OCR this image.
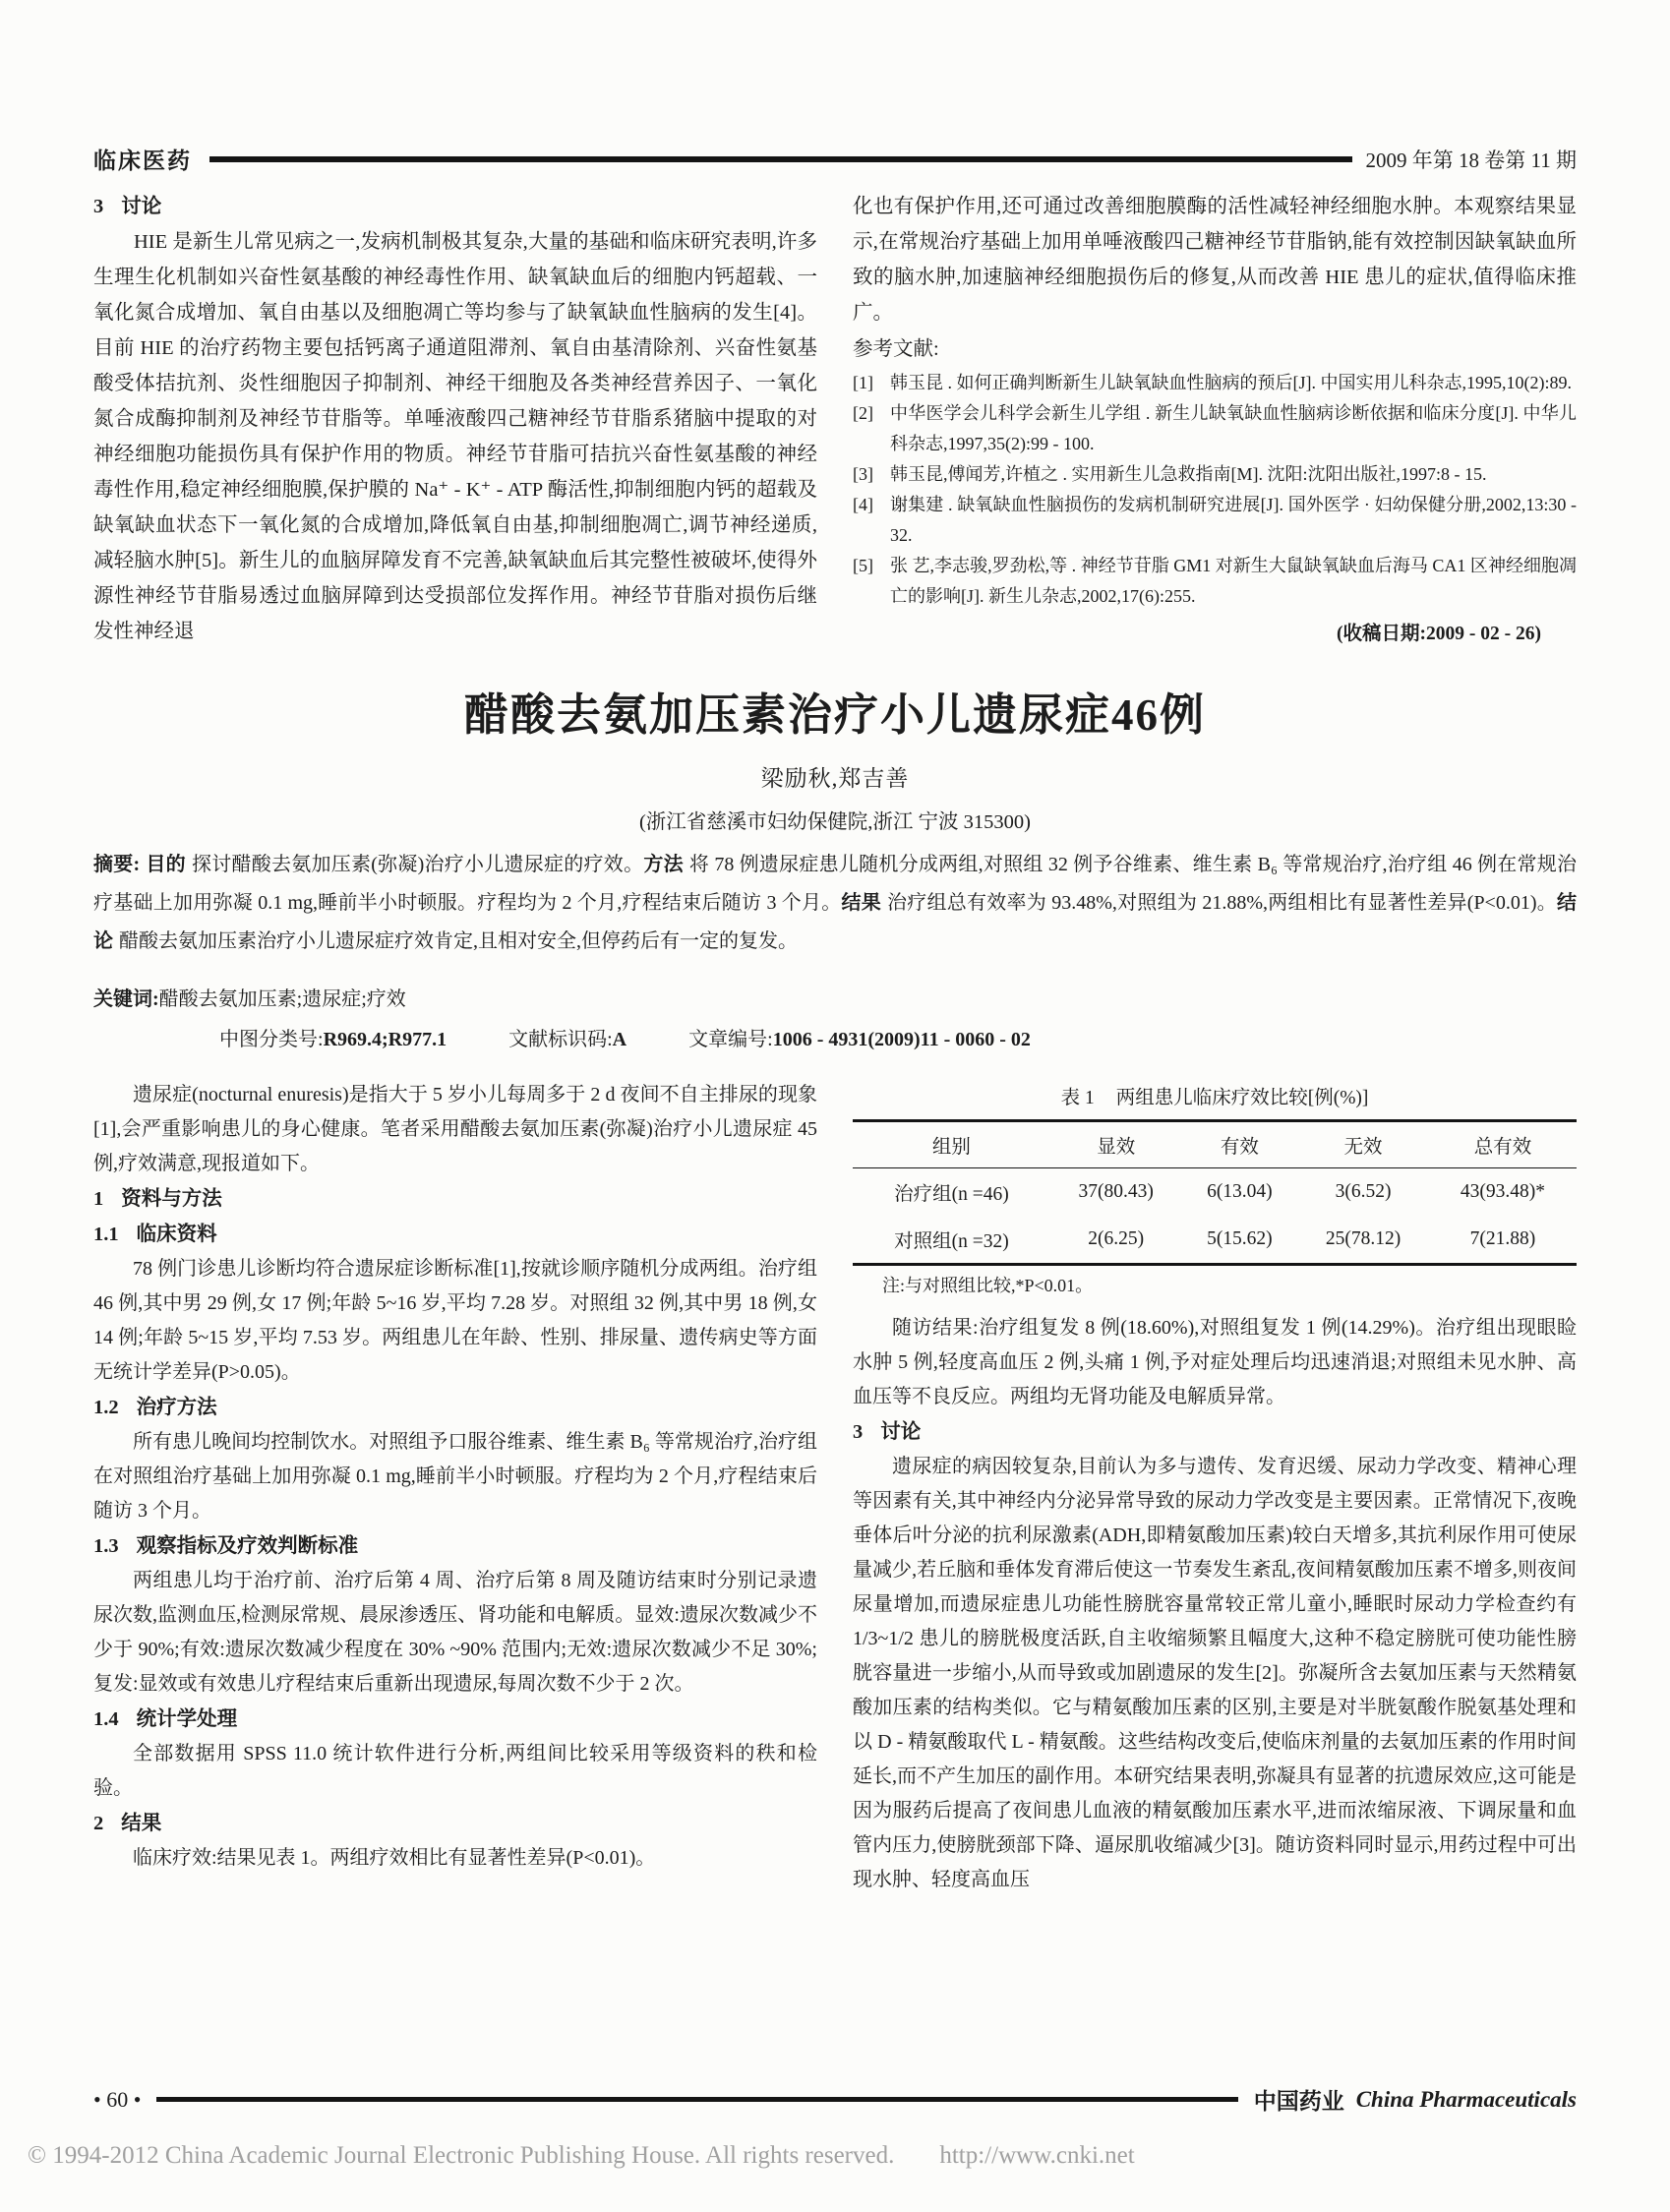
临床医药	2009 年第 18 卷第 11 期
3 讨论

HIE 是新生儿常见病之一,发病机制极其复杂,大量的基础和临床研究表明,许多生理生化机制如兴奋性氨基酸的神经毒性作用、缺氧缺血后的细胞内钙超载、一氧化氮合成增加、氧自由基以及细胞凋亡等均参与了缺氧缺血性脑病的发生[4]。目前 HIE 的治疗药物主要包括钙离子通道阻滞剂、氧自由基清除剂、兴奋性氨基酸受体拮抗剂、炎性细胞因子抑制剂、神经干细胞及各类神经营养因子、一氧化氮合成酶抑制剂及神经节苷脂等。单唾液酸四己糖神经节苷脂系猪脑中提取的对神经细胞功能损伤具有保护作用的物质。神经节苷脂可拮抗兴奋性氨基酸的神经毒性作用,稳定神经细胞膜,保护膜的 Na⁺ - K⁺ - ATP 酶活性,抑制细胞内钙的超载及缺氧缺血状态下一氧化氮的合成增加,降低氧自由基,抑制细胞凋亡,调节神经递质,减轻脑水肿[5]。新生儿的血脑屏障发育不完善,缺氧缺血后其完整性被破坏,使得外源性神经节苷脂易透过血脑屏障到达受损部位发挥作用。神经节苷脂对损伤后继发性神经退

化也有保护作用,还可通过改善细胞膜酶的活性减轻神经细胞水肿。本观察结果显示,在常规治疗基础上加用单唾液酸四己糖神经节苷脂钠,能有效控制因缺氧缺血所致的脑水肿,加速脑神经细胞损伤后的修复,从而改善 HIE 患儿的症状,值得临床推广。

参考文献:
[1] 韩玉昆 . 如何正确判断新生儿缺氧缺血性脑病的预后[J]. 中国实用儿科杂志,1995,10(2):89.
[2] 中华医学会儿科学会新生儿学组 . 新生儿缺氧缺血性脑病诊断依据和临床分度[J]. 中华儿科杂志,1997,35(2):99 - 100.
[3] 韩玉昆,傅闻芳,许植之 . 实用新生儿急救指南[M]. 沈阳:沈阳出版社,1997:8 - 15.
[4] 谢集建 . 缺氧缺血性脑损伤的发病机制研究进展[J]. 国外医学 · 妇幼保健分册,2002,13:30 - 32.
[5] 张 艺,李志骏,罗劲松,等 . 神经节苷脂 GM1 对新生大鼠缺氧缺血后海马 CA1 区神经细胞凋亡的影响[J]. 新生儿杂志,2002,17(6):255.
(收稿日期:2009 - 02 - 26)
醋酸去氨加压素治疗小儿遗尿症46例
梁励秋,郑吉善
(浙江省慈溪市妇幼保健院,浙江 宁波 315300)

摘要: 目的 探讨醋酸去氨加压素(弥凝)治疗小儿遗尿症的疗效。方法 将 78 例遗尿症患儿随机分成两组,对照组 32 例予谷维素、维生素 B₆ 等常规治疗,治疗组 46 例在常规治疗基础上加用弥凝 0.1 mg,睡前半小时顿服。疗程均为 2 个月,疗程结束后随访 3 个月。结果 治疗组总有效率为 93.48%,对照组为 21.88%,两组相比有显著性差异(P<0.01)。结论 醋酸去氨加压素治疗小儿遗尿症疗效肯定,且相对安全,但停药后有一定的复发。

关键词:醋酸去氨加压素;遗尿症;疗效
中图分类号:R969.4;R977.1	文献标识码:A	文章编号:1006 - 4931(2009)11 - 0060 - 02

遗尿症(nocturnal enuresis)是指大于 5 岁小儿每周多于 2 d 夜间不自主排尿的现象[1],会严重影响患儿的身心健康。笔者采用醋酸去氨加压素(弥凝)治疗小儿遗尿症 45 例,疗效满意,现报道如下。

1 资料与方法
1.1 临床资料

78 例门诊患儿诊断均符合遗尿症诊断标准[1],按就诊顺序随机分成两组。治疗组 46 例,其中男 29 例,女 17 例;年龄 5~16 岁,平均 7.28 岁。对照组 32 例,其中男 18 例,女 14 例;年龄 5~15 岁,平均 7.53 岁。两组患儿在年龄、性别、排尿量、遗传病史等方面无统计学差异(P>0.05)。

1.2 治疗方法

所有患儿晚间均控制饮水。对照组予口服谷维素、维生素 B₆ 等常规治疗,治疗组在对照组治疗基础上加用弥凝 0.1 mg,睡前半小时顿服。疗程均为 2 个月,疗程结束后随访 3 个月。

1.3 观察指标及疗效判断标准

两组患儿均于治疗前、治疗后第 4 周、治疗后第 8 周及随访结束时分别记录遗尿次数,监测血压,检测尿常规、晨尿渗透压、肾功能和电解质。显效:遗尿次数减少不少于 90%;有效:遗尿次数减少程度在 30% ~90% 范围内;无效:遗尿次数减少不足 30%;复发:显效或有效患儿疗程结束后重新出现遗尿,每周次数不少于 2 次。

1.4 统计学处理

全部数据用 SPSS 11.0 统计软件进行分析,两组间比较采用等级资料的秩和检验。

2 结果

临床疗效:结果见表 1。两组疗效相比有显著性差异(P<0.01)。

表 1 两组患儿临床疗效比较[例(%)]
组别	显效	有效	无效	总有效
治疗组(n =46)	37(80.43)	6(13.04)	3(6.52)	43(93.48)*
对照组(n =32)	2(6.25)	5(15.62)	25(78.12)	7(21.88)
注:与对照组比较,*P<0.01。

随访结果:治疗组复发 8 例(18.60%),对照组复发 1 例(14.29%)。治疗组出现眼睑水肿 5 例,轻度高血压 2 例,头痛 1 例,予对症处理后均迅速消退;对照组未见水肿、高血压等不良反应。两组均无肾功能及电解质异常。

3 讨论

遗尿症的病因较复杂,目前认为多与遗传、发育迟缓、尿动力学改变、精神心理等因素有关,其中神经内分泌异常导致的尿动力学改变是主要因素。正常情况下,夜晚垂体后叶分泌的抗利尿激素(ADH,即精氨酸加压素)较白天增多,其抗利尿作用可使尿量减少,若丘脑和垂体发育滞后使这一节奏发生紊乱,夜间精氨酸加压素不增多,则夜间尿量增加,而遗尿症患儿功能性膀胱容量常较正常儿童小,睡眠时尿动力学检查约有 1/3~1/2 患儿的膀胱极度活跃,自主收缩频繁且幅度大,这种不稳定膀胱可使功能性膀胱容量进一步缩小,从而导致或加剧遗尿的发生[2]。弥凝所含去氨加压素与天然精氨酸加压素的结构类似。它与精氨酸加压素的区别,主要是对半胱氨酸作脱氨基处理和以 D - 精氨酸取代 L - 精氨酸。这些结构改变后,使临床剂量的去氨加压素的作用时间延长,而不产生加压的副作用。本研究结果表明,弥凝具有显著的抗遗尿效应,这可能是因为服药后提高了夜间患儿血液的精氨酸加压素水平,进而浓缩尿液、下调尿量和血管内压力,使膀胱颈部下降、逼尿肌收缩减少[3]。随访资料同时显示,用药过程中可出现水肿、轻度高血压

• 60 •	中国药业 China Pharmaceuticals
© 1994-2012 China Academic Journal Electronic Publishing House. All rights reserved. http://www.cnki.net
